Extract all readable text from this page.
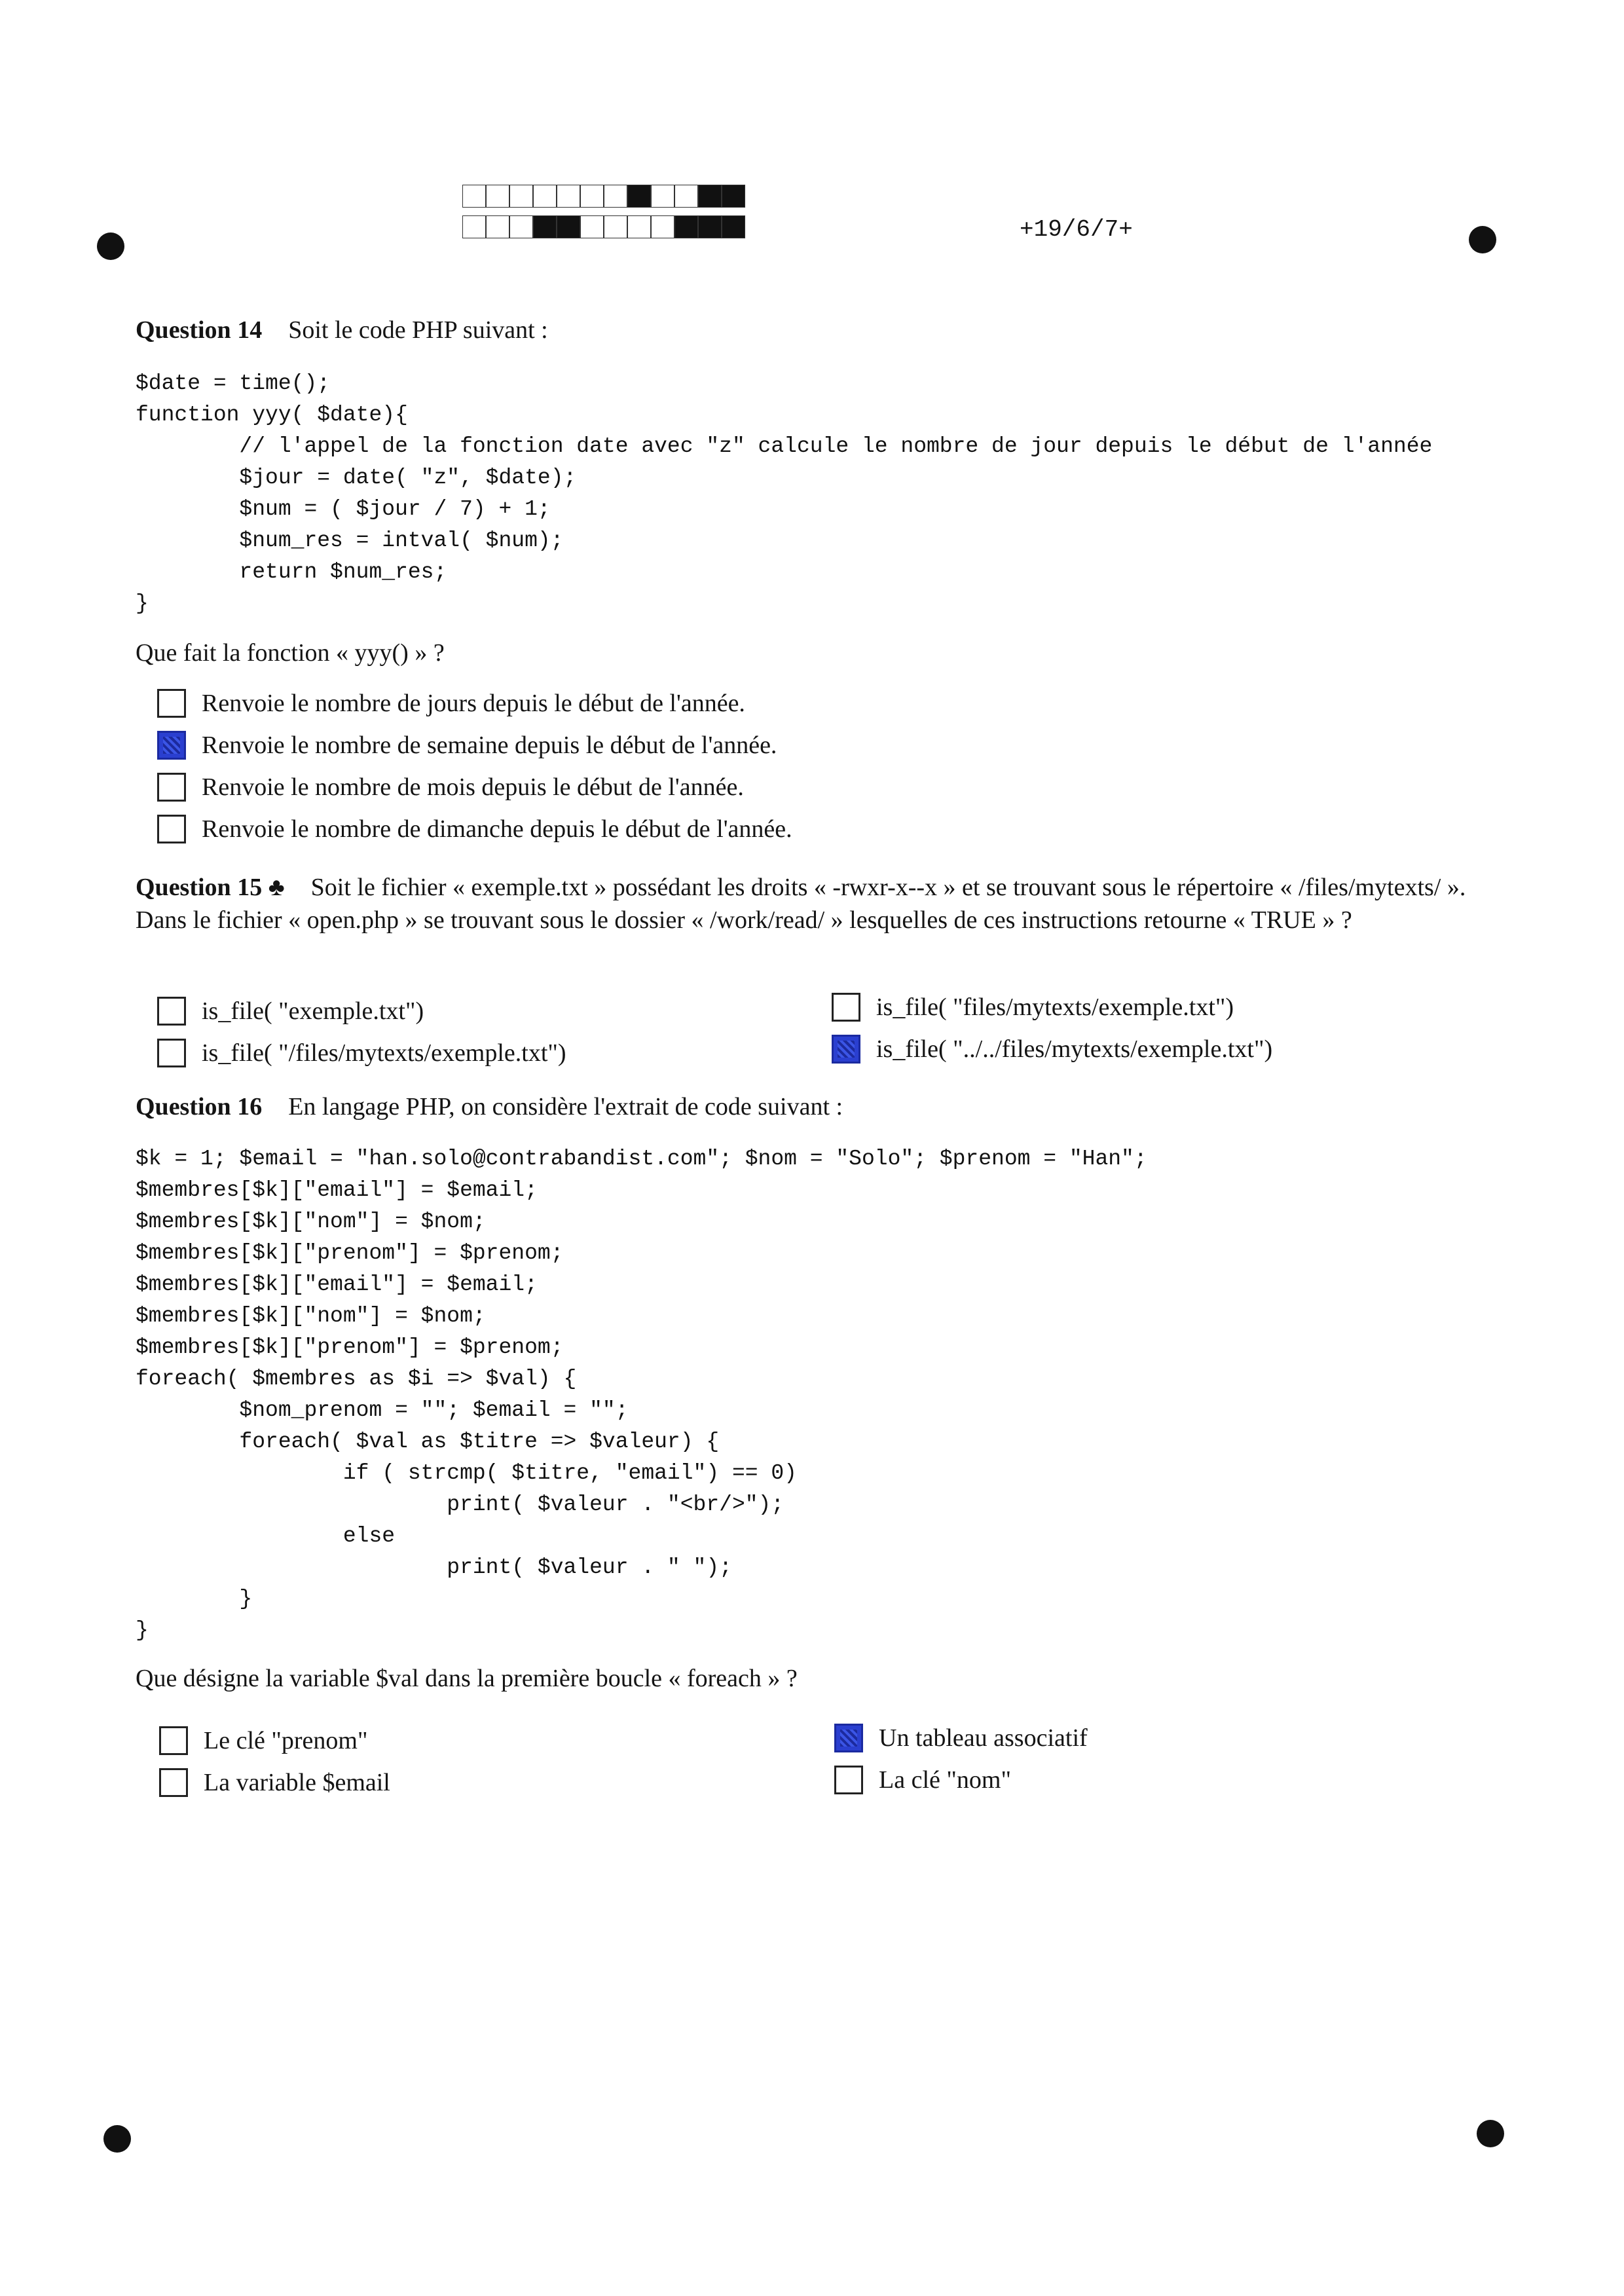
+19/6/7+
Question 14 Soit le code PHP suivant :
$date = time();
function yyy( $date){
// l'appel de la fonction date avec "z" calcule le nombre de jour depuis le début de l'année
$jour = date( "z", $date);
$num = ( $jour / 7) + 1;
$num_res = intval( $num);
return $num_res;
}
Que fait la fonction « yyy() » ?
Renvoie le nombre de jours depuis le début de l'année.
Renvoie le nombre de semaine depuis le début de l'année.
Renvoie le nombre de mois depuis le début de l'année.
Renvoie le nombre de dimanche depuis le début de l'année.
Question 15 ♣ Soit le fichier « exemple.txt » possédant les droits « -rwxr-x--x » et se trouvant sous le répertoire « /files/mytexts/ ». Dans le fichier « open.php » se trouvant sous le dossier « /work/read/ » lesquelles de ces instructions retourne « TRUE » ?
is_file( "exemple.txt")
is_file( "/files/mytexts/exemple.txt")
is_file( "files/mytexts/exemple.txt")
is_file( "../../files/mytexts/exemple.txt")
Question 16 En langage PHP, on considère l'extrait de code suivant :
$k = 1; $email = "han.solo@contrabandist.com"; $nom = "Solo"; $prenom = "Han";
$membres[$k]["email"] = $email;
$membres[$k]["nom"] = $nom;
$membres[$k]["prenom"] = $prenom;
$membres[$k]["email"] = $email;
$membres[$k]["nom"] = $nom;
$membres[$k]["prenom"] = $prenom;
foreach( $membres as $i => $val) {
$nom_prenom = ""; $email = "";
foreach( $val as $titre => $valeur) {
if ( strcmp( $titre, "email") == 0)
print( $valeur . "<br/>");
else
print( $valeur . " ");
}
}
Que désigne la variable $val dans la première boucle « foreach » ?
Le clé "prenom"
La variable $email
Un tableau associatif
La clé "nom"
